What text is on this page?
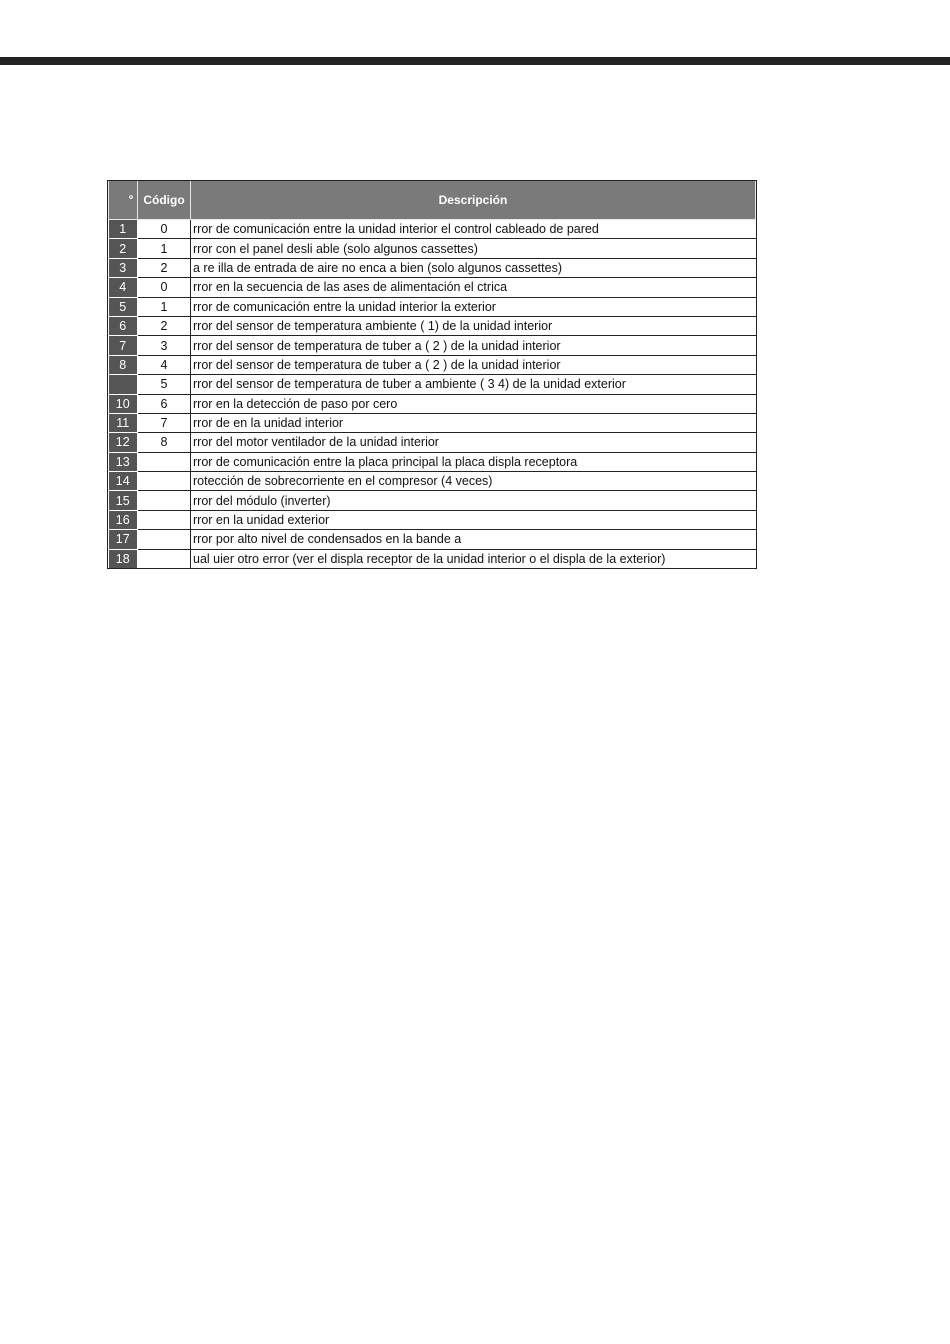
º	Código	Descripción
1	0	rror de comunicación entre la unidad interior el control cableado de pared
2	1	rror con el panel desli able (solo algunos cassettes)
3	2	a re illa de entrada de aire no enca a bien (solo algunos cassettes)
4	0	rror en la secuencia de las ases de alimentación el ctrica
5	1	rror de comunicación entre la unidad interior la exterior
6	2	rror del sensor de temperatura ambiente ( 1) de la unidad interior
7	3	rror del sensor de temperatura de tuber a ( 2 ) de la unidad interior
8	4	rror del sensor de temperatura de tuber a ( 2 ) de la unidad interior
	5	rror del sensor de temperatura de tuber a ambiente ( 3 4) de la unidad exterior
10	6	rror en la detección de paso por cero
11	7	rror de en la unidad interior
12	8	rror del motor ventilador de la unidad interior
13		rror de comunicación entre la placa principal la placa displa receptora
14		rotección de sobrecorriente en el compresor (4 veces)
15		rror del módulo (inverter)
16		rror en la unidad exterior
17		rror por alto nivel de condensados en la bande a
18		ual uier otro error (ver el displa receptor de la unidad interior o el displa de la exterior)
